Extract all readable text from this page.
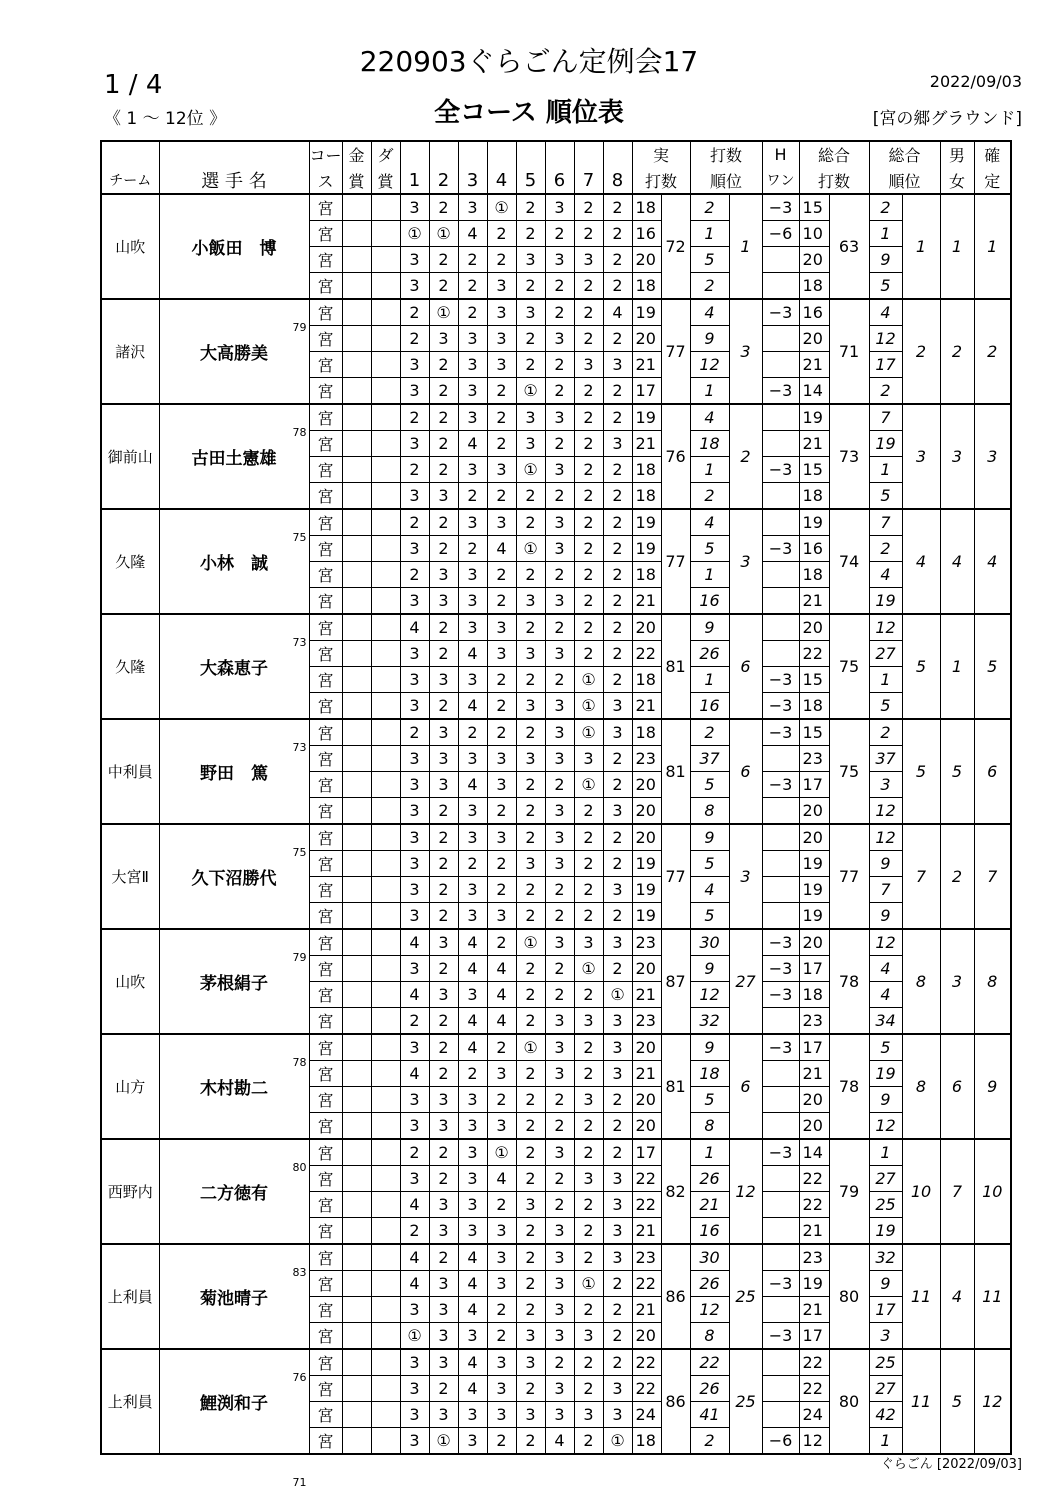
220903ぐらごん定例会17
全コース 順位表
1 / 4
《 1 ～ 12位 》
2022/09/03
[宮の郷グラウンド]
		コー	金	ダ									実		打数		H	総合		総合		男	確
チーム	選 手 名	ス	賞	賞	1	2	3	4	5	6	7	8	打数		順位		ワン	打数		順位		女	定
山吹	小飯田　博
79	宮			3	2	3	①	2	3	2	2	18	72	2	1	−3	15	63	2	1	1	1
		宮			①	①	4	2	2	2	2	2	16		1		−6	10		1			
		宮			3	2	2	2	3	3	3	2	20		5			20		9			
		宮			3	2	2	3	2	2	2	2	18		2			18		5			
諸沢	大高勝美
78	宮			2	①	2	3	3	2	2	4	19	77	4	3	−3	16	71	4	2	2	2
		宮			2	3	3	3	2	3	2	2	20		9			20		12			
		宮			3	2	3	3	2	2	3	3	21		12			21		17			
		宮			3	2	3	2	①	2	2	2	17		1		−3	14		2			
御前山	古田土憲雄
75	宮			2	2	3	2	3	3	2	2	19	76	4	2		19	73	7	3	3	3
		宮			3	2	4	2	3	2	2	3	21		18			21		19			
		宮			2	2	3	3	①	3	2	2	18		1		−3	15		1			
		宮			3	3	2	2	2	2	2	2	18		2			18		5			
久隆	小林　誠
73	宮			2	2	3	3	2	3	2	2	19	77	4	3		19	74	7	4	4	4
		宮			3	2	2	4	①	3	2	2	19		5		−3	16		2			
		宮			2	3	3	2	2	2	2	2	18		1			18		4			
		宮			3	3	3	2	3	3	2	2	21		16			21		19			
久隆	大森恵子
73	宮			4	2	3	3	2	2	2	2	20	81	9	6		20	75	12	5	1	5
		宮			3	2	4	3	3	3	2	2	22		26			22		27			
		宮			3	3	3	2	2	2	①	2	18		1		−3	15		1			
		宮			3	2	4	2	3	3	①	3	21		16		−3	18		5			
中利員	野田　篤
75	宮			2	3	2	2	2	3	①	3	18	81	2	6	−3	15	75	2	5	5	6
		宮			3	3	3	3	3	3	3	2	23		37			23		37			
		宮			3	3	4	3	2	2	①	2	20		5		−3	17		3			
		宮			3	2	3	2	2	3	2	3	20		8			20		12			
大宮Ⅱ	久下沼勝代
79	宮			3	2	3	3	2	3	2	2	20	77	9	3		20	77	12	7	2	7
		宮			3	2	2	2	3	3	2	2	19		5			19		9			
		宮			3	2	3	2	2	2	2	3	19		4			19		7			
		宮			3	2	3	3	2	2	2	2	19		5			19		9			
山吹	茅根絹子
78	宮			4	3	4	2	①	3	3	3	23	87	30	27	−3	20	78	12	8	3	8
		宮			3	2	4	4	2	2	①	2	20		9		−3	17		4			
		宮			4	3	3	4	2	2	2	①	21		12		−3	18		4			
		宮			2	2	4	4	2	3	3	3	23		32			23		34			
山方	木村勘二
80	宮			3	2	4	2	①	3	2	3	20	81	9	6	−3	17	78	5	8	6	9
		宮			4	2	2	3	2	3	2	3	21		18			21		19			
		宮			3	3	3	2	2	2	3	2	20		5			20		9			
		宮			3	3	3	3	2	2	2	2	20		8			20		12			
西野内	二方徳有
83	宮			2	2	3	①	2	3	2	2	17	82	1	12	−3	14	79	1	10	7	10
		宮			3	2	3	4	2	2	3	3	22		26			22		27			
		宮			4	3	3	2	3	2	2	3	22		21			22		25			
		宮			2	3	3	3	2	3	2	3	21		16			21		19			
上利員	菊池晴子
76	宮			4	2	4	3	2	3	2	3	23	86	30	25		23	80	32	11	4	11
		宮			4	3	4	3	2	3	①	2	22		26		−3	19		9			
		宮			3	3	4	2	2	3	2	2	21		12			21		17			
		宮			①	3	3	2	3	3	3	2	20		8		−3	17		3			
上利員	鯉渕和子
71	宮			3	3	4	3	3	2	2	2	22	86	22	25		22	80	25	11	5	12
		宮			3	2	4	3	2	3	2	3	22		26			22		27			
		宮			3	3	3	3	3	3	3	3	24		41			24		42			
		宮			3	①	3	2	2	4	2	①	18		2		−6	12		1			
ぐらごん [2022/09/03]
